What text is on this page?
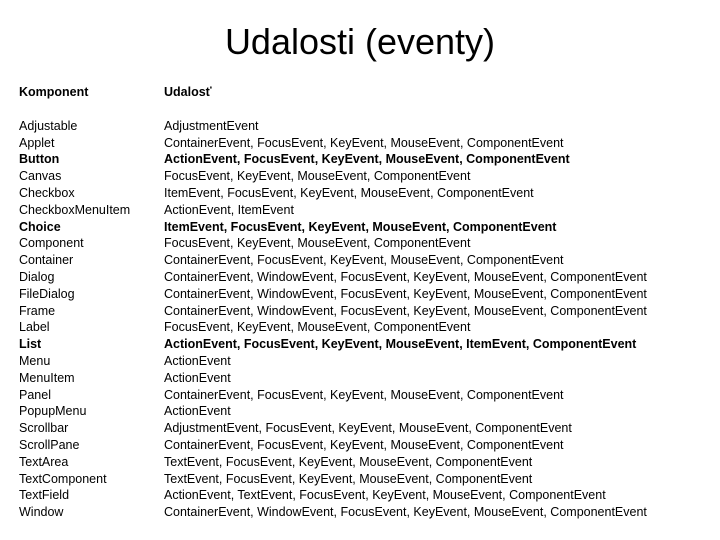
Udalosti (eventy)
Komponent	Udalosť
Adjustable	AdjustmentEvent
Applet	ContainerEvent, FocusEvent, KeyEvent, MouseEvent, ComponentEvent
Button	ActionEvent, FocusEvent, KeyEvent, MouseEvent, ComponentEvent
Canvas	FocusEvent, KeyEvent, MouseEvent, ComponentEvent
Checkbox	ItemEvent, FocusEvent, KeyEvent, MouseEvent, ComponentEvent
CheckboxMenuItem	ActionEvent, ItemEvent
Choice	ItemEvent, FocusEvent, KeyEvent, MouseEvent, ComponentEvent
Component	FocusEvent, KeyEvent, MouseEvent, ComponentEvent
Container	ContainerEvent, FocusEvent, KeyEvent, MouseEvent, ComponentEvent
Dialog	ContainerEvent, WindowEvent, FocusEvent, KeyEvent, MouseEvent, ComponentEvent
FileDialog	ContainerEvent, WindowEvent, FocusEvent, KeyEvent, MouseEvent, ComponentEvent
Frame	ContainerEvent, WindowEvent, FocusEvent, KeyEvent, MouseEvent, ComponentEvent
Label	FocusEvent, KeyEvent, MouseEvent, ComponentEvent
List	ActionEvent, FocusEvent, KeyEvent, MouseEvent, ItemEvent, ComponentEvent
Menu	ActionEvent
MenuItem	ActionEvent
Panel	ContainerEvent, FocusEvent, KeyEvent, MouseEvent, ComponentEvent
PopupMenu	ActionEvent
Scrollbar	AdjustmentEvent, FocusEvent, KeyEvent, MouseEvent, ComponentEvent
ScrollPane	ContainerEvent, FocusEvent, KeyEvent, MouseEvent, ComponentEvent
TextArea	TextEvent, FocusEvent, KeyEvent, MouseEvent, ComponentEvent
TextComponent	TextEvent, FocusEvent, KeyEvent, MouseEvent, ComponentEvent
TextField	ActionEvent, TextEvent, FocusEvent, KeyEvent, MouseEvent, ComponentEvent
Window	ContainerEvent, WindowEvent, FocusEvent, KeyEvent, MouseEvent, ComponentEvent
